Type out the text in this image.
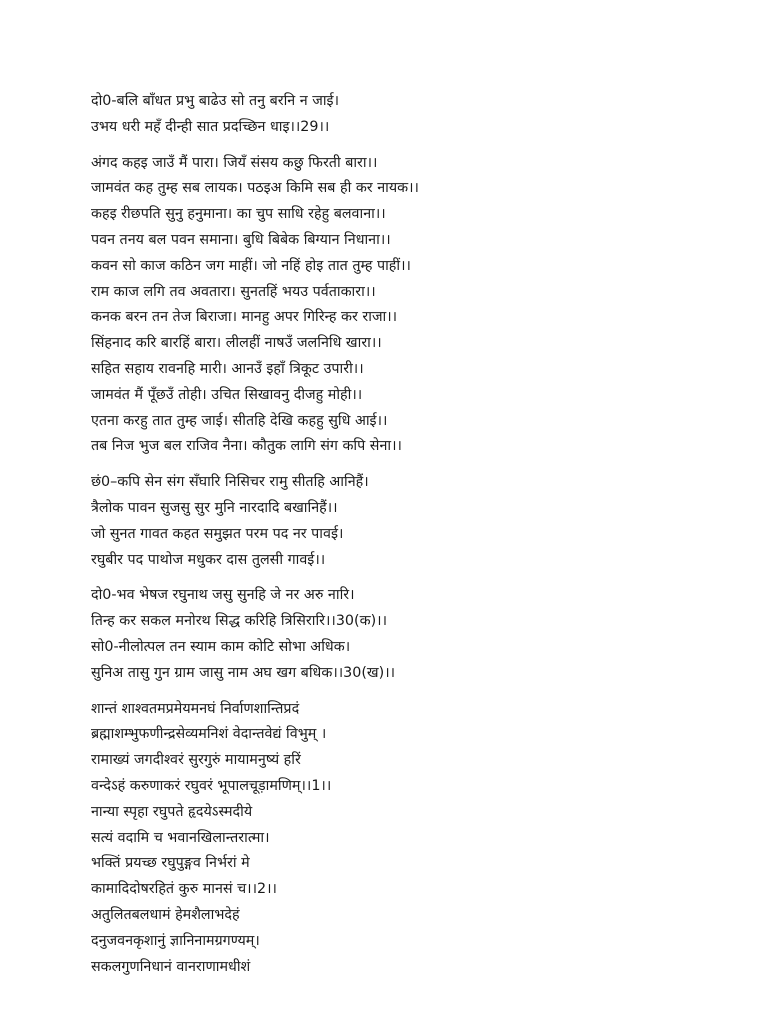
दो0-बलि बाँधत प्रभु बाढेउ सो तनु बरनि न जाई।
उभय धरी महँ दीन्ही सात प्रदच्छिन धाइ।।29।।
अंगद कहइ जाउँ मैं पारा। जियँ संसय कछु फिरती बारा।।
जामवंत कह तुम्ह सब लायक। पठइअ किमि सब ही कर नायक।।
कहइ रीछपति सुनु हनुमाना। का चुप साधि रहेहु बलवाना।।
पवन तनय बल पवन समाना। बुधि बिबेक बिग्यान निधाना।।
कवन सो काज कठिन जग माहीं। जो नहिं होइ तात तुम्ह पाहीं।।
राम काज लगि तव अवतारा। सुनतहिं भयउ पर्वताकारा।।
कनक बरन तन तेज बिराजा। मानहु अपर गिरिन्ह कर राजा।।
सिंहनाद करि बारहिं बारा। लीलहीं नाषउँ जलनिधि खारा।।
सहित सहाय रावनहि मारी। आनउँ इहाँ त्रिकूट उपारी।।
जामवंत मैं पूँछउँ तोही। उचित सिखावनु दीजहु मोही।।
एतना करहु तात तुम्ह जाई। सीतहि देखि कहहु सुधि आई।।
तब निज भुज बल राजिव नैना। कौतुक लागि संग कपि सेना।।
छं0–कपि सेन संग सँघारि निसिचर रामु सीतहि आनिहैं।
त्रैलोक पावन सुजसु सुर मुनि नारदादि बखानिहैं।।
जो सुनत गावत कहत समुझत परम पद नर पावई।
रघुबीर पद पाथोज मधुकर दास तुलसी गावई।।
दो0-भव भेषज रघुनाथ जसु सुनहि जे नर अरु नारि।
तिन्ह कर सकल मनोरथ सिद्ध करिहि त्रिसिरारि।।30(क)।।
सो0-नीलोत्पल तन स्याम काम कोटि सोभा अधिक।
सुनिअ तासु गुन ग्राम जासु नाम अघ खग बधिक।।30(ख)।।
शान्तं शाश्वतमप्रमेयमनघं निर्वाणशान्तिप्रदं
ब्रह्माशम्भुफणीन्द्रसेव्यमनिशं वेदान्तवेद्यं विभुम् ।
रामाख्यं जगदीश्वरं सुरगुरुं मायामनुष्यं हरिं
वन्देऽहं करुणाकरं रघुवरं भूपालचूड़ामणिम्।।1।।
नान्या स्पृहा रघुपते हृदयेऽस्मदीये
सत्यं वदामि च भवानखिलान्तरात्मा।
भक्तिं प्रयच्छ रघुपुङ्गव निर्भरां मे
कामादिदोषरहितं कुरु मानसं च।।2।।
अतुलितबलधामं हेमशैलाभदेहं
दनुजवनकृशानुं ज्ञानिनामग्रगण्यम्।
सकलगुणनिधानं वानराणामधीशं
